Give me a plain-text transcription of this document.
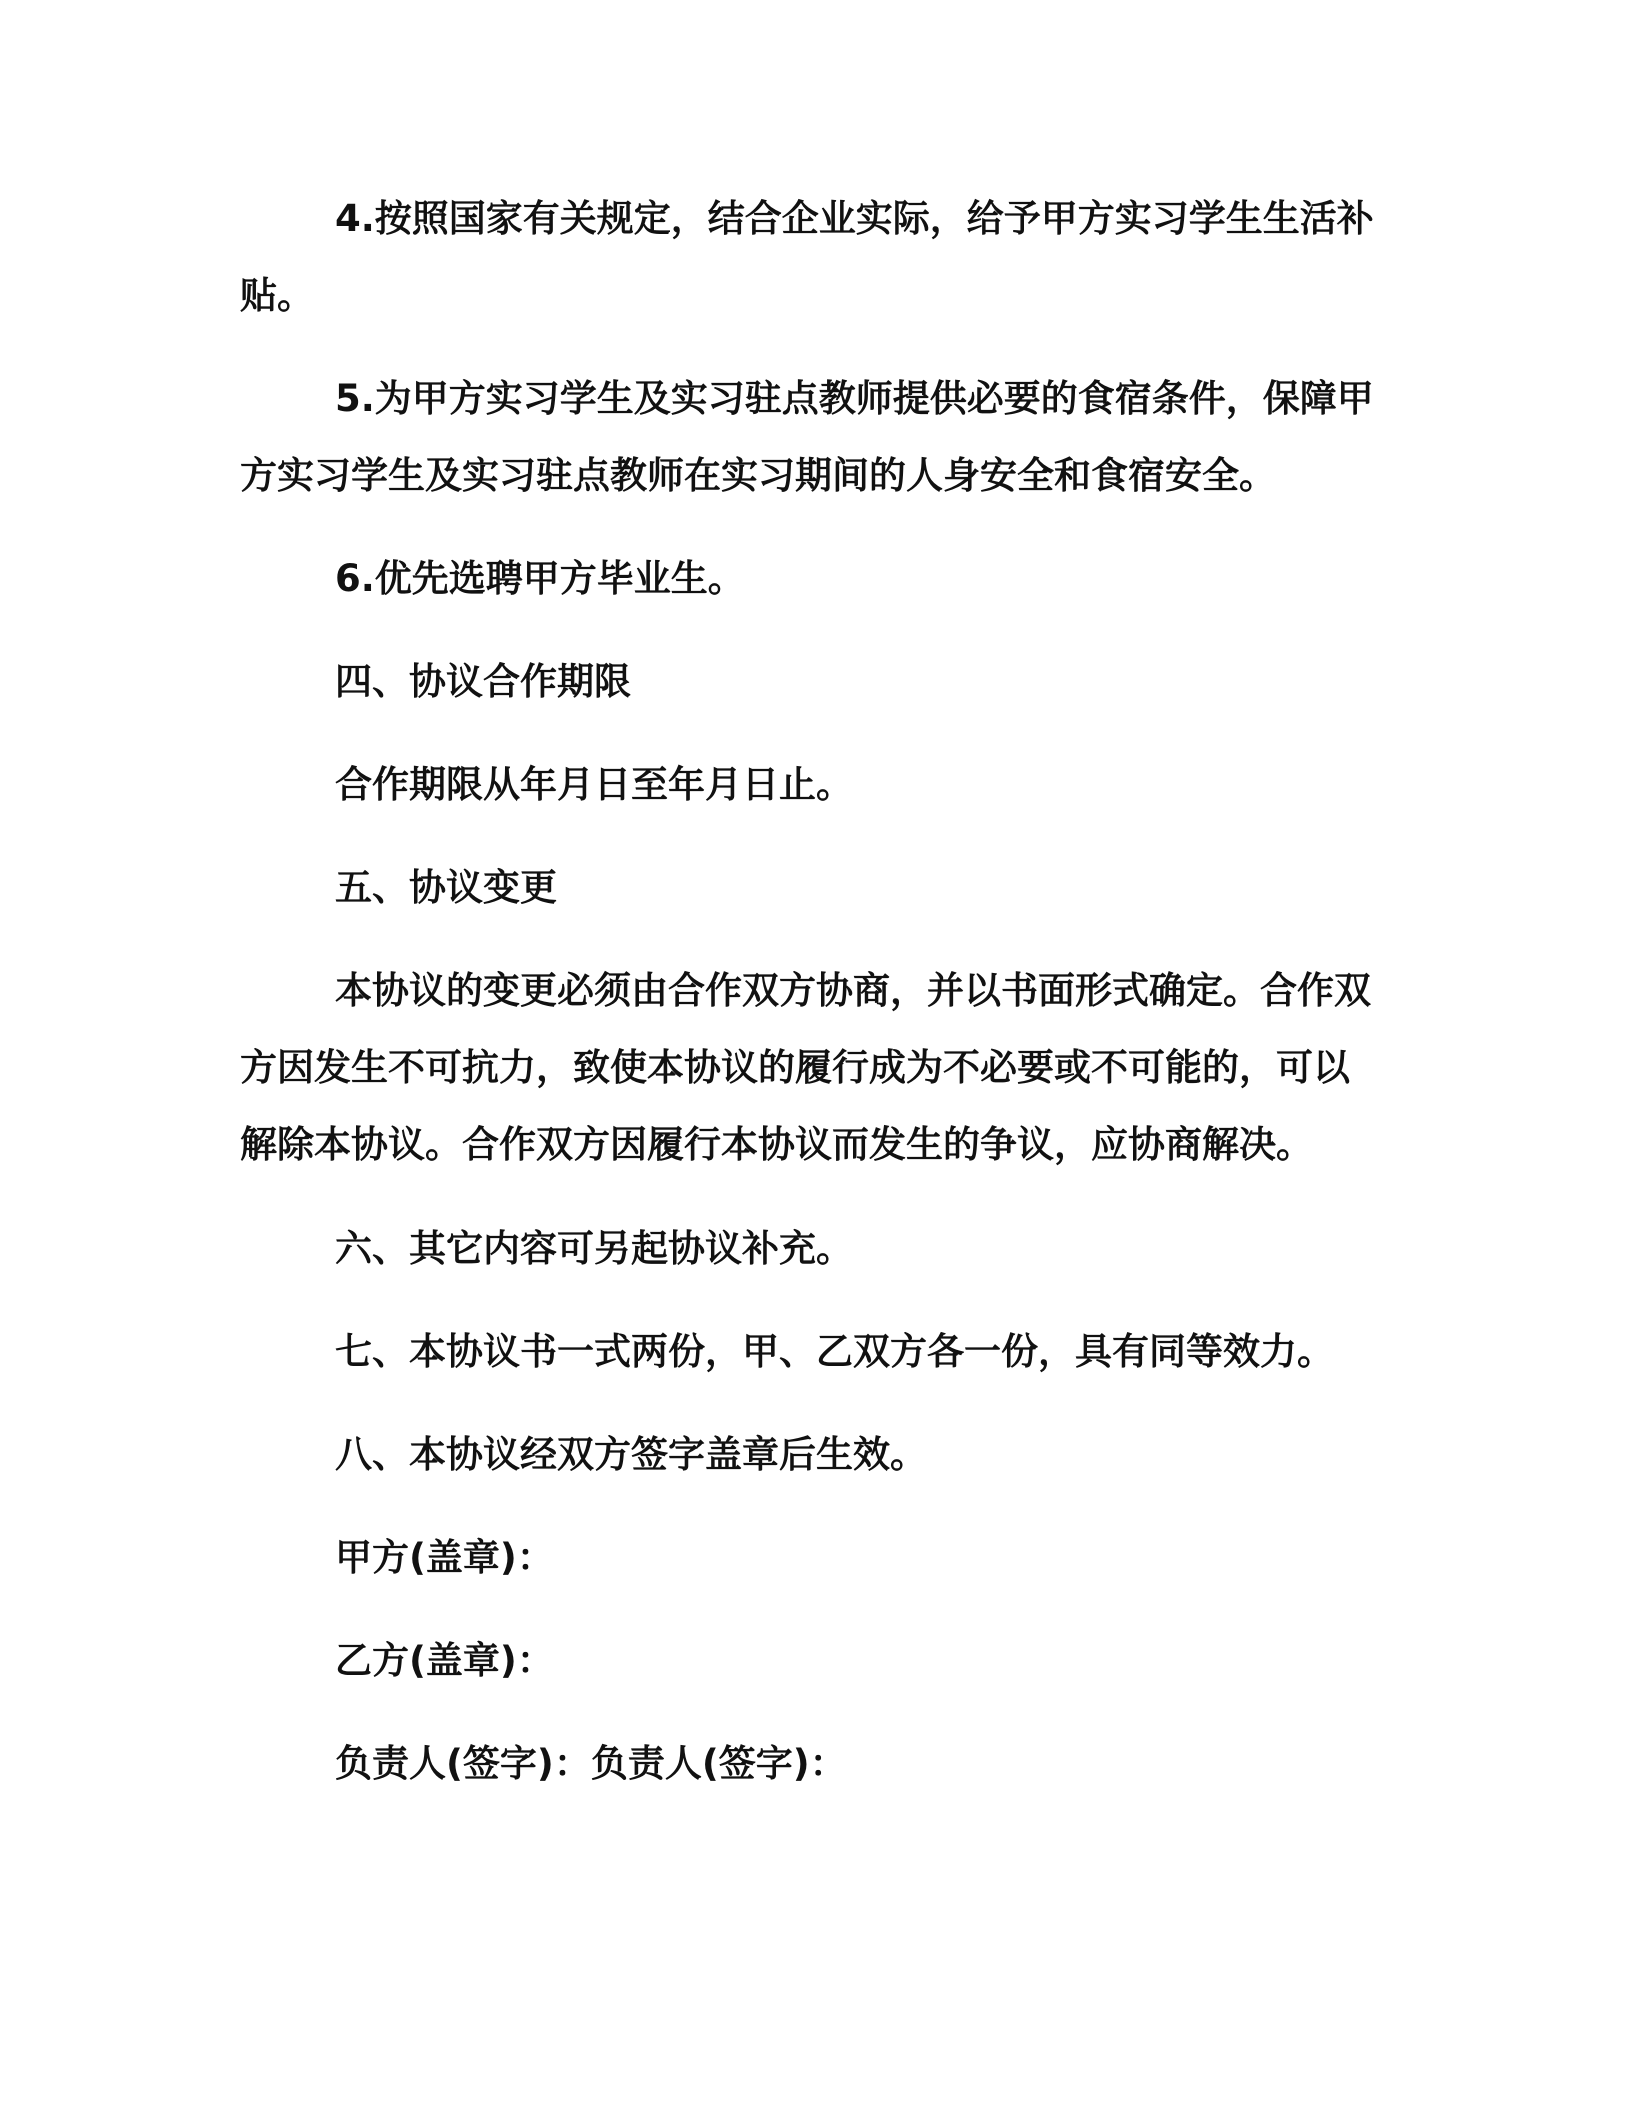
4.按照国家有关规定，结合企业实际，给予甲方实习学生生活补贴。

5.为甲方实习学生及实习驻点教师提供必要的食宿条件，保障甲方实习学生及实习驻点教师在实习期间的人身安全和食宿安全。

6.优先选聘甲方毕业生。

四、协议合作期限

合作期限从年月日至年月日止。

五、协议变更

本协议的变更必须由合作双方协商，并以书面形式确定。合作双方因发生不可抗力，致使本协议的履行成为不必要或不可能的，可以解除本协议。合作双方因履行本协议而发生的争议，应协商解决。

六、其它内容可另起协议补充。

七、本协议书一式两份，甲、乙双方各一份，具有同等效力。

八、本协议经双方签字盖章后生效。

甲方(盖章)：

乙方(盖章)：

负责人(签字)：负责人(签字)：
